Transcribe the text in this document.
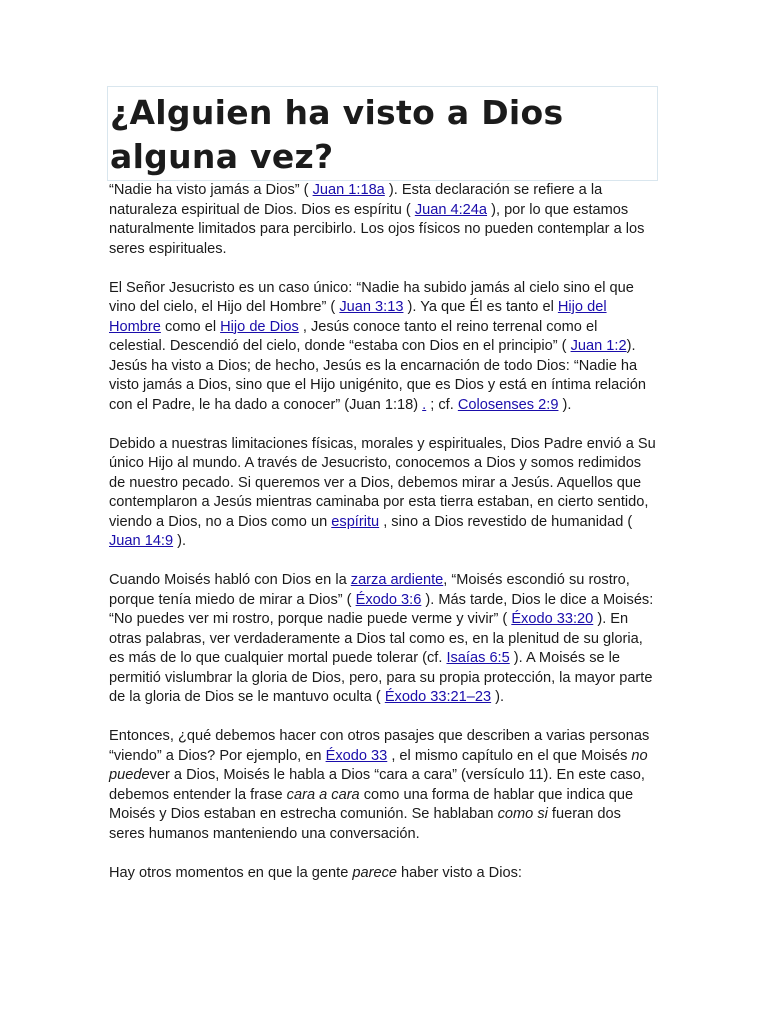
¿Alguien ha visto a Dios alguna vez?

“Nadie ha visto jamás a Dios” ( Juan 1:18a ). Esta declaración se refiere a la naturaleza espiritual de Dios. Dios es espíritu ( Juan 4:24a ), por lo que estamos naturalmente limitados para percibirlo. Los ojos físicos no pueden contemplar a los seres espirituales.

El Señor Jesucristo es un caso único: “Nadie ha subido jamás al cielo sino el que vino del cielo, el Hijo del Hombre” ( Juan 3:13 ). Ya que Él es tanto el Hijo del Hombre como el Hijo de Dios , Jesús conoce tanto el reino terrenal como el celestial. Descendió del cielo, donde “estaba con Dios en el principio” ( Juan 1:2). Jesús ha visto a Dios; de hecho, Jesús es la encarnación de todo Dios: “Nadie ha visto jamás a Dios, sino que el Hijo unigénito, que es Dios y está en íntima relación con el Padre, le ha dado a conocer” (Juan 1:18) . ; cf. Colosenses 2:9 ).

Debido a nuestras limitaciones físicas, morales y espirituales, Dios Padre envió a Su único Hijo al mundo. A través de Jesucristo, conocemos a Dios y somos redimidos de nuestro pecado. Si queremos ver a Dios, debemos mirar a Jesús. Aquellos que contemplaron a Jesús mientras caminaba por esta tierra estaban, en cierto sentido, viendo a Dios, no a Dios como un espíritu , sino a Dios revestido de humanidad ( Juan 14:9 ).

Cuando Moisés habló con Dios en la zarza ardiente, “Moisés escondió su rostro, porque tenía miedo de mirar a Dios” ( Éxodo 3:6 ). Más tarde, Dios le dice a Moisés: “No puedes ver mi rostro, porque nadie puede verme y vivir” ( Éxodo 33:20 ). En otras palabras, ver verdaderamente a Dios tal como es, en la plenitud de su gloria, es más de lo que cualquier mortal puede tolerar (cf. Isaías 6:5 ). A Moisés se le permitió vislumbrar la gloria de Dios, pero, para su propia protección, la mayor parte de la gloria de Dios se le mantuvo oculta ( Éxodo 33:21–23 ).

Entonces, ¿qué debemos hacer con otros pasajes que describen a varias personas “viendo” a Dios? Por ejemplo, en Éxodo 33 , el mismo capítulo en el que Moisés no puedever a Dios, Moisés le habla a Dios “cara a cara” (versículo 11). En este caso, debemos entender la frase cara a cara como una forma de hablar que indica que Moisés y Dios estaban en estrecha comunión. Se hablaban como si fueran dos seres humanos manteniendo una conversación.

Hay otros momentos en que la gente parece haber visto a Dios:
